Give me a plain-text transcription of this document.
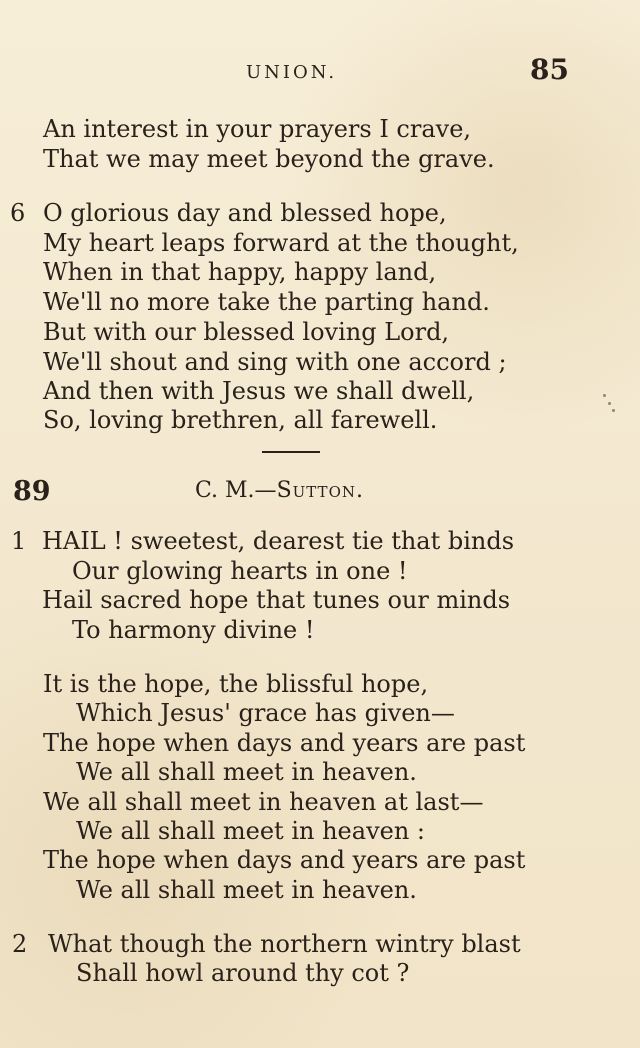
UNION.	85
An interest in your prayers I crave,
That we may meet beyond the grave.
6 O glorious day and blessed hope,
My heart leaps forward at the thought,
When in that happy, happy land,
We'll no more take the parting hand.
But with our blessed loving Lord,
We'll shout and sing with one accord ;
And then with Jesus we shall dwell,
So, loving brethren, all farewell.
89	C. M.—Sutton.
1 HAIL ! sweetest, dearest tie that binds
Our glowing hearts in one !
Hail sacred hope that tunes our minds
To harmony divine !
It is the hope, the blissful hope,
Which Jesus' grace has given—
The hope when days and years are past
We all shall meet in heaven.
We all shall meet in heaven at last—
We all shall meet in heaven :
The hope when days and years are past
We all shall meet in heaven.
2 What though the northern wintry blast
Shall howl around thy cot ?
